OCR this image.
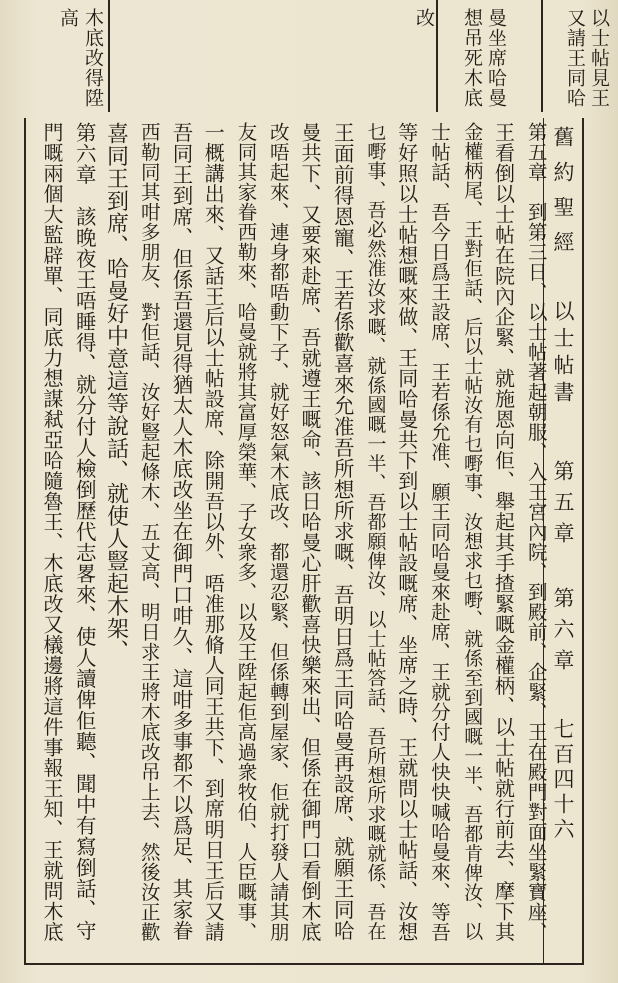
以士帖見王
又請王同哈
曼坐席哈曼
想吊死木底
改
木底改得陞
高
舊約聖經
以士帖書
第五章 第六章
七百四十六
第五章　到第三日、以士帖著起朝服、入王宮內院、到殿前、企緊、王在殿門對面坐緊寶座、
王看倒以士帖在院內企緊、就施恩向佢、舉起其手揸緊嘅金權柄、以士帖就行前去、摩下其
金權柄尾、王對佢話、后以士帖汝有乜嘢事、汝想求乜嘢、就係至到國嘅一半、吾都肯俾汝、以
士帖話、吾今日爲王設席、王若係允准、願王同哈曼來赴席、王就分付人快快喊哈曼來、等吾
等好照以士帖想嘅來做、王同哈曼共下到以士帖設嘅席、坐席之時、王就問以士帖話、汝想
乜嘢事、吾必然准汝求嘅、就係國嘅一半、吾都願俾汝、以士帖答話、吾所想所求嘅就係、吾在
王面前得恩寵、王若係歡喜來允准吾所想所求嘅、吾明日爲王同哈曼再設席、就願王同哈
曼共下、又要來赴席、吾就遵王嘅命、該日哈曼心肝歡喜快樂來出、但係在御門口看倒木底
改唔起來、連身都唔動下子、就好怒氣木底改、都還忍緊、但係轉到屋家、佢就打發人請其朋
友同其家眷西勒來、哈曼就將其富厚榮華、子女衆多、以及王陞起佢高過衆牧伯、人臣嘅事、
一概講出來、又話王后以士帖設席、除開吾以外、唔准那脩人同王共下、到席明日王后又請
吾同王到席、但係吾還見得猶太人木底改坐在御門口咁久、這咁多事都不以爲足、其家眷
西勒同其咁多朋友、對佢話、汝好豎起條木、五丈高、明日求王將木底改吊上去、然後汝正歡
喜同王到席、哈曼好中意這等說話、就使人豎起木架、
第六章　該晚夜王唔睡得、就分付人檢倒歷代志畧來、使人讀俾佢聽、聞中有寫倒話、守
門嘅兩個大監辟單、同底力想謀弒亞哈隨魯王、木底改又檥邊將這件事報王知、王就問木底
